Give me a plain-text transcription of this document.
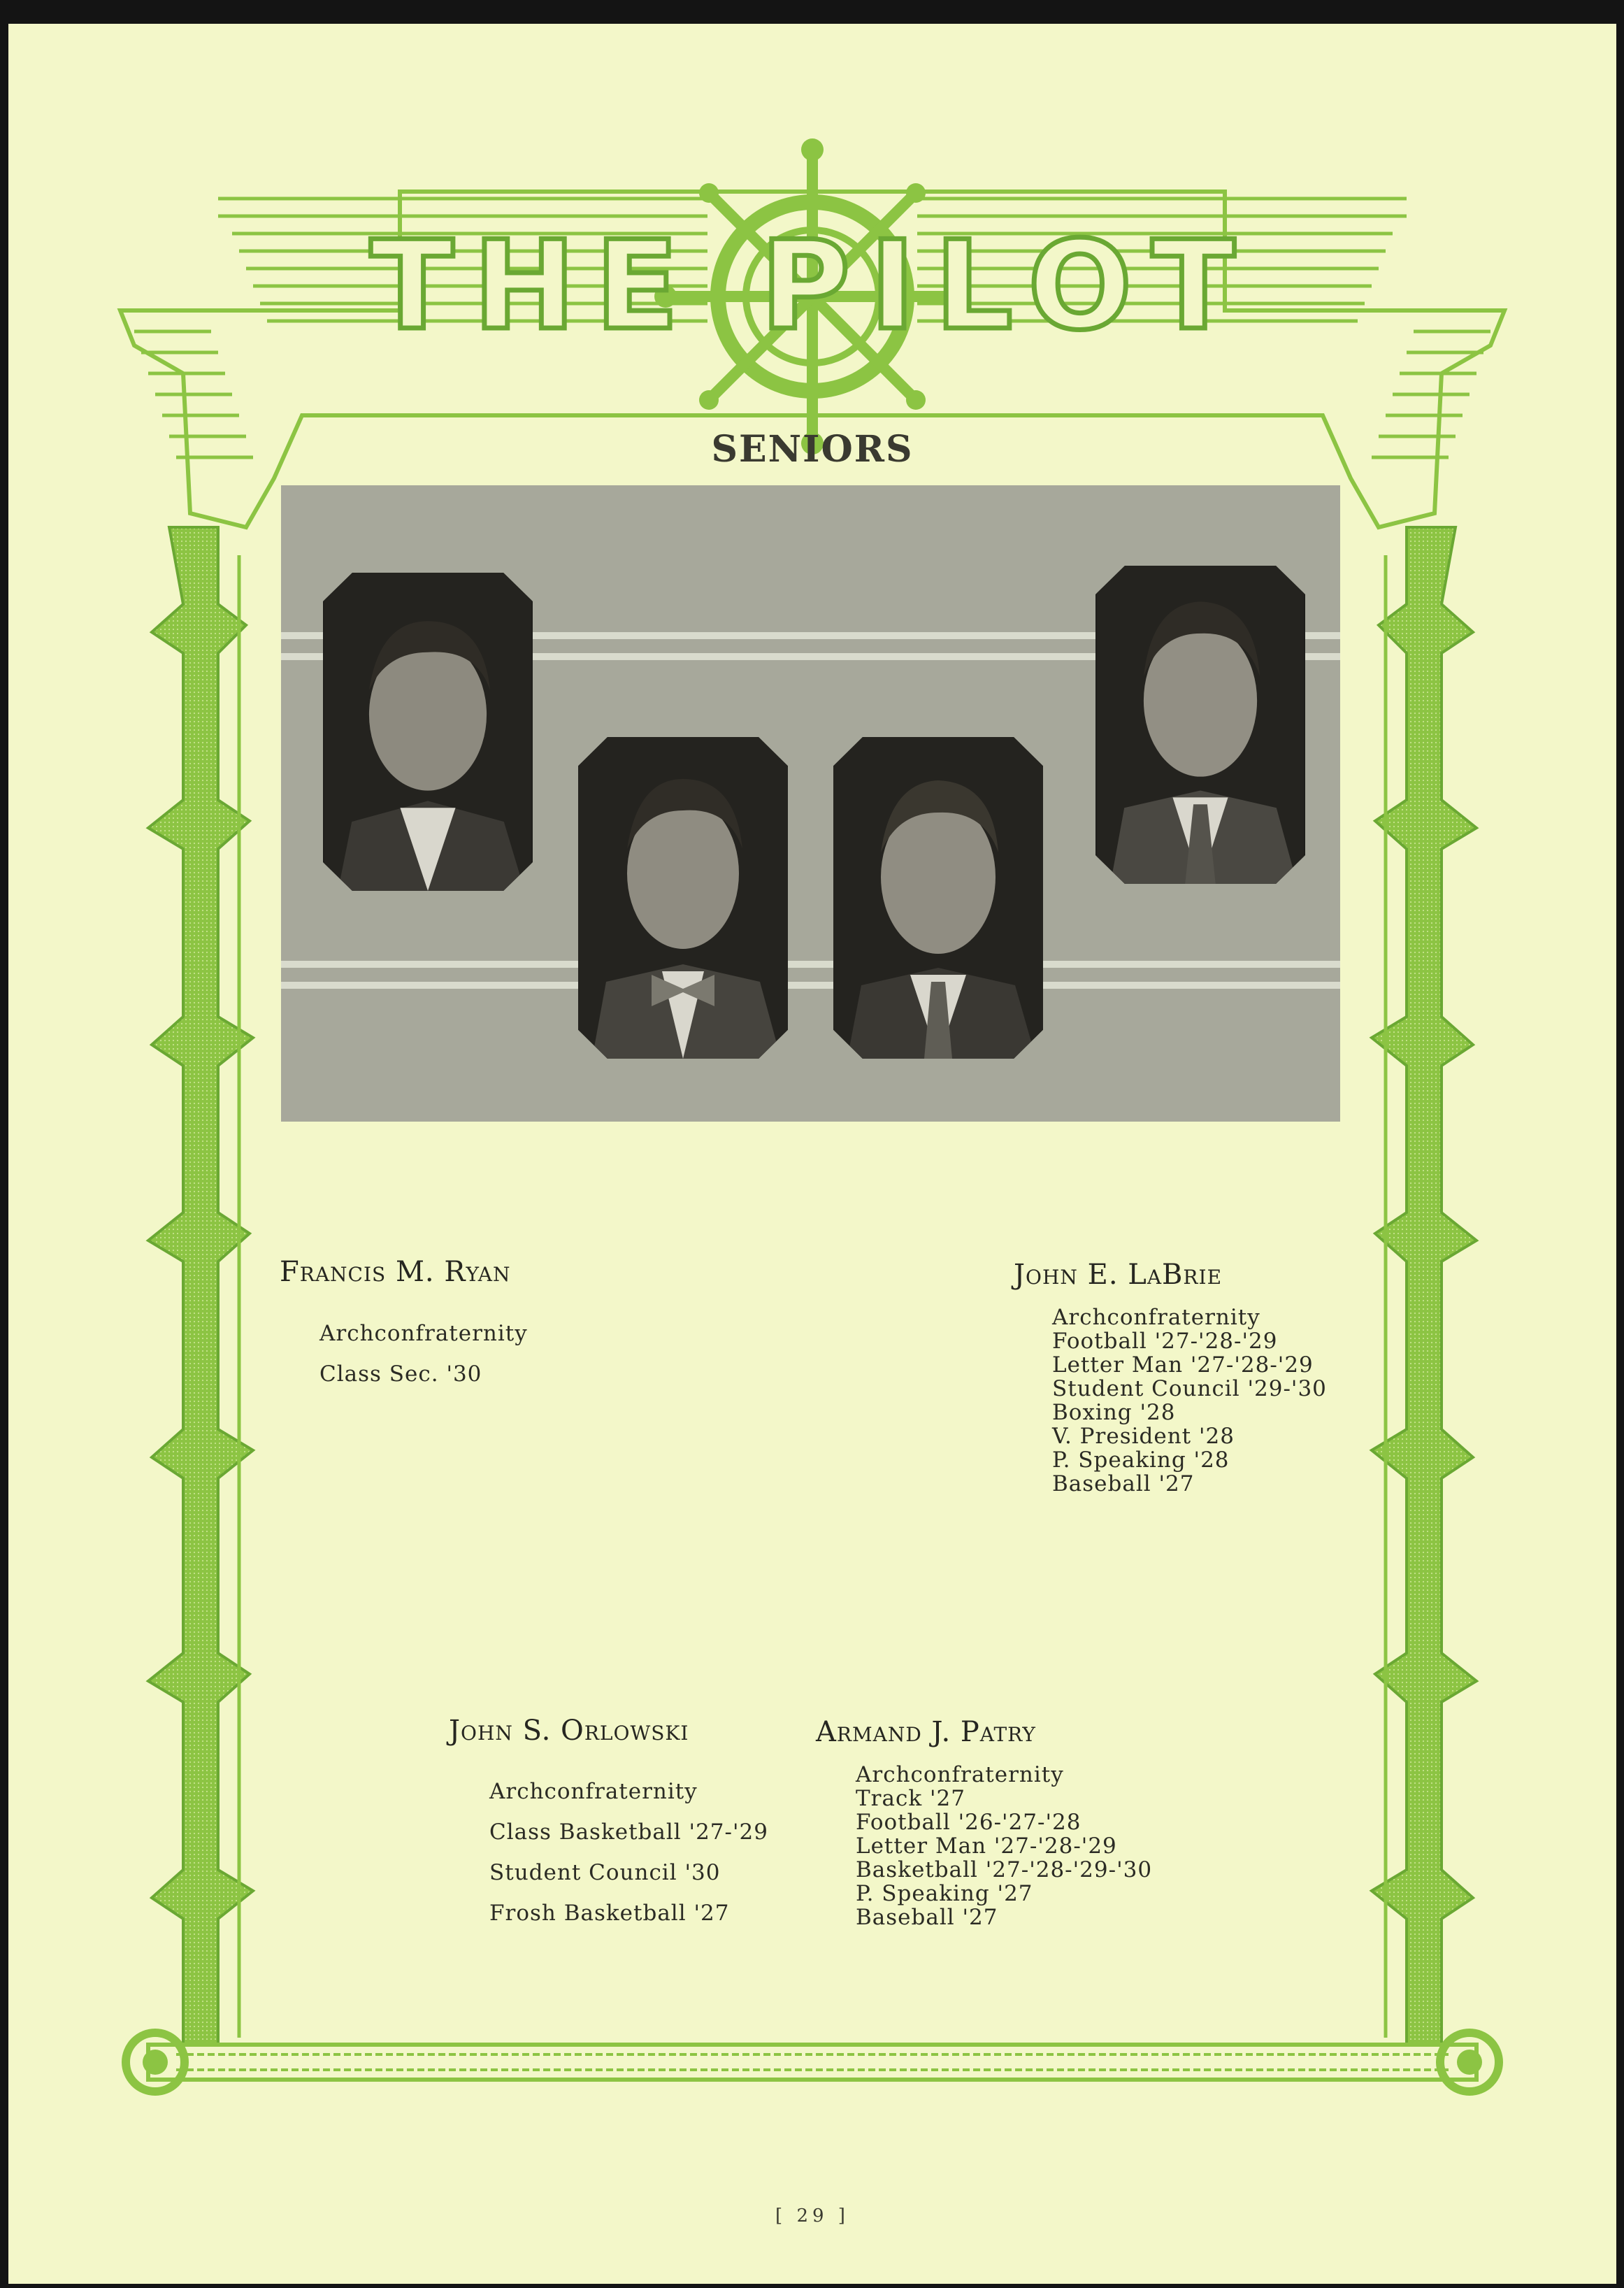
THE PILOT
SENIORS
Francis M. Ryan
Archconfraternity
Class Sec. '30
John E. LaBrie
Archconfraternity
Football '27-'28-'29
Letter Man '27-'28-'29
Student Council '29-'30
Boxing '28
V. President '28
P. Speaking '28
Baseball '27
John S. Orlowski
Archconfraternity
Class Basketball '27-'29
Student Council '30
Frosh Basketball '27
Armand J. Patry
Archconfraternity
Track '27
Football '26-'27-'28
Letter Man '27-'28-'29
Basketball '27-'28-'29-'30
P. Speaking '27
Baseball '27
[ 29 ]
